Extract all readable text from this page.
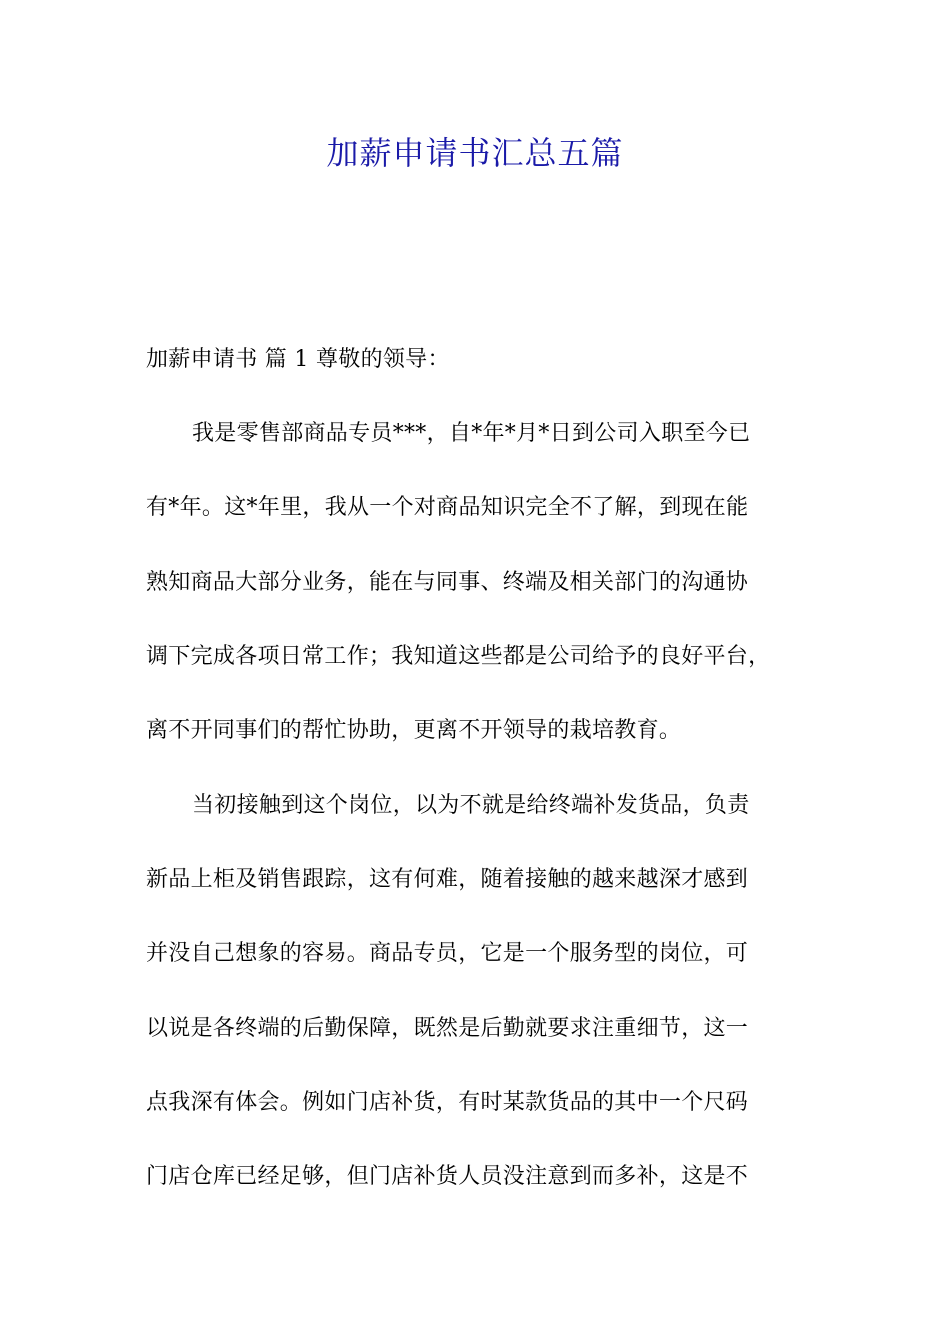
加薪申请书汇总五篇
加薪申请书 篇 1 尊敬的领导：
我是零售部商品专员***，自*年*月*日到公司入职至今已
有*年。这*年里，我从一个对商品知识完全不了解，到现在能
熟知商品大部分业务，能在与同事、终端及相关部门的沟通协
调下完成各项日常工作；我知道这些都是公司给予的良好平台，
离不开同事们的帮忙协助，更离不开领导的栽培教育。
当初接触到这个岗位，以为不就是给终端补发货品，负责
新品上柜及销售跟踪，这有何难，随着接触的越来越深才感到
并没自己想象的容易。商品专员，它是一个服务型的岗位，可
以说是各终端的后勤保障，既然是后勤就要求注重细节，这一
点我深有体会。例如门店补货，有时某款货品的其中一个尺码
门店仓库已经足够，但门店补货人员没注意到而多补，这是不
